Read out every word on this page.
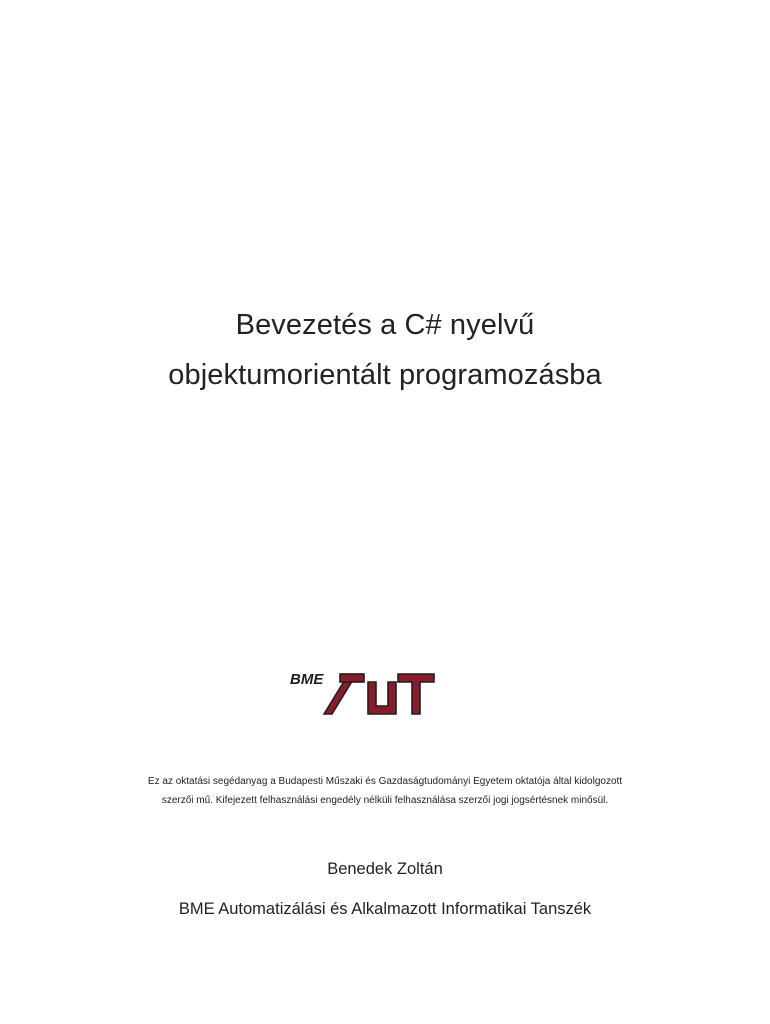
Bevezetés a C# nyelvű
objektumorientált programozásba
BME
Ez az oktatási segédanyag a Budapesti Műszaki és Gazdaságtudományi Egyetem oktatója által kidolgozott
szerzői mű. Kifejezett felhasználási engedély nélküli felhasználása szerzői jogi jogsértésnek minősül.
Benedek Zoltán
BME Automatizálási és Alkalmazott Informatikai Tanszék
